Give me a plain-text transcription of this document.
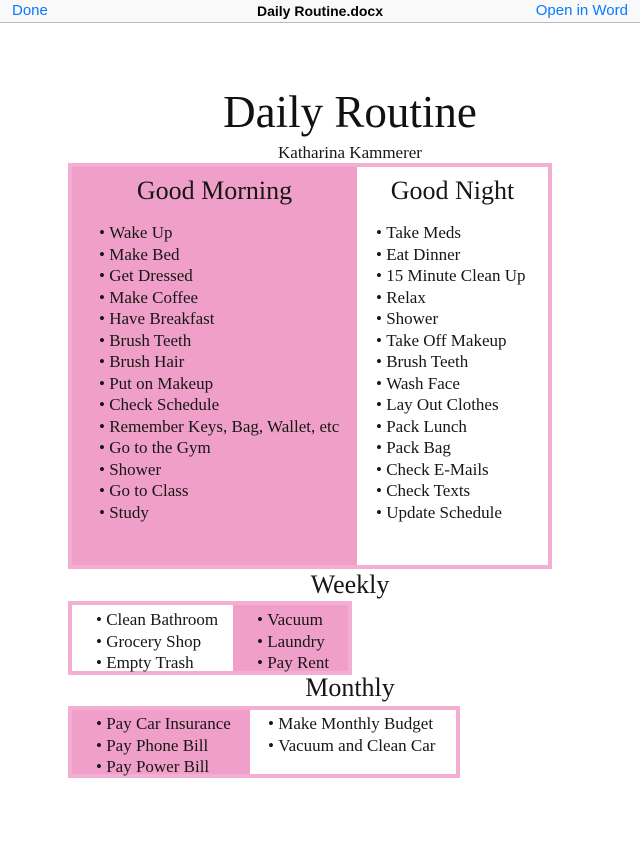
Done	Daily Routine.docx	Open in Word
Daily Routine
Katharina Kammerer
Good Morning
• Wake Up
• Make Bed
• Get Dressed
• Make Coffee
• Have Breakfast
• Brush Teeth
• Brush Hair
• Put on Makeup
• Check Schedule
• Remember Keys, Bag, Wallet, etc
• Go to the Gym
• Shower
• Go to Class
• Study
Good Night
• Take Meds
• Eat Dinner
• 15 Minute Clean Up
• Relax
• Shower
• Take Off Makeup
• Brush Teeth
• Wash Face
• Lay Out Clothes
• Pack Lunch
• Pack Bag
• Check E-Mails
• Check Texts
• Update Schedule
Weekly
• Clean Bathroom
• Grocery Shop
• Empty Trash
• Vacuum
• Laundry
• Pay Rent
Monthly
• Pay Car Insurance
• Pay Phone Bill
• Pay Power Bill
• Make Monthly Budget
• Vacuum and Clean Car
